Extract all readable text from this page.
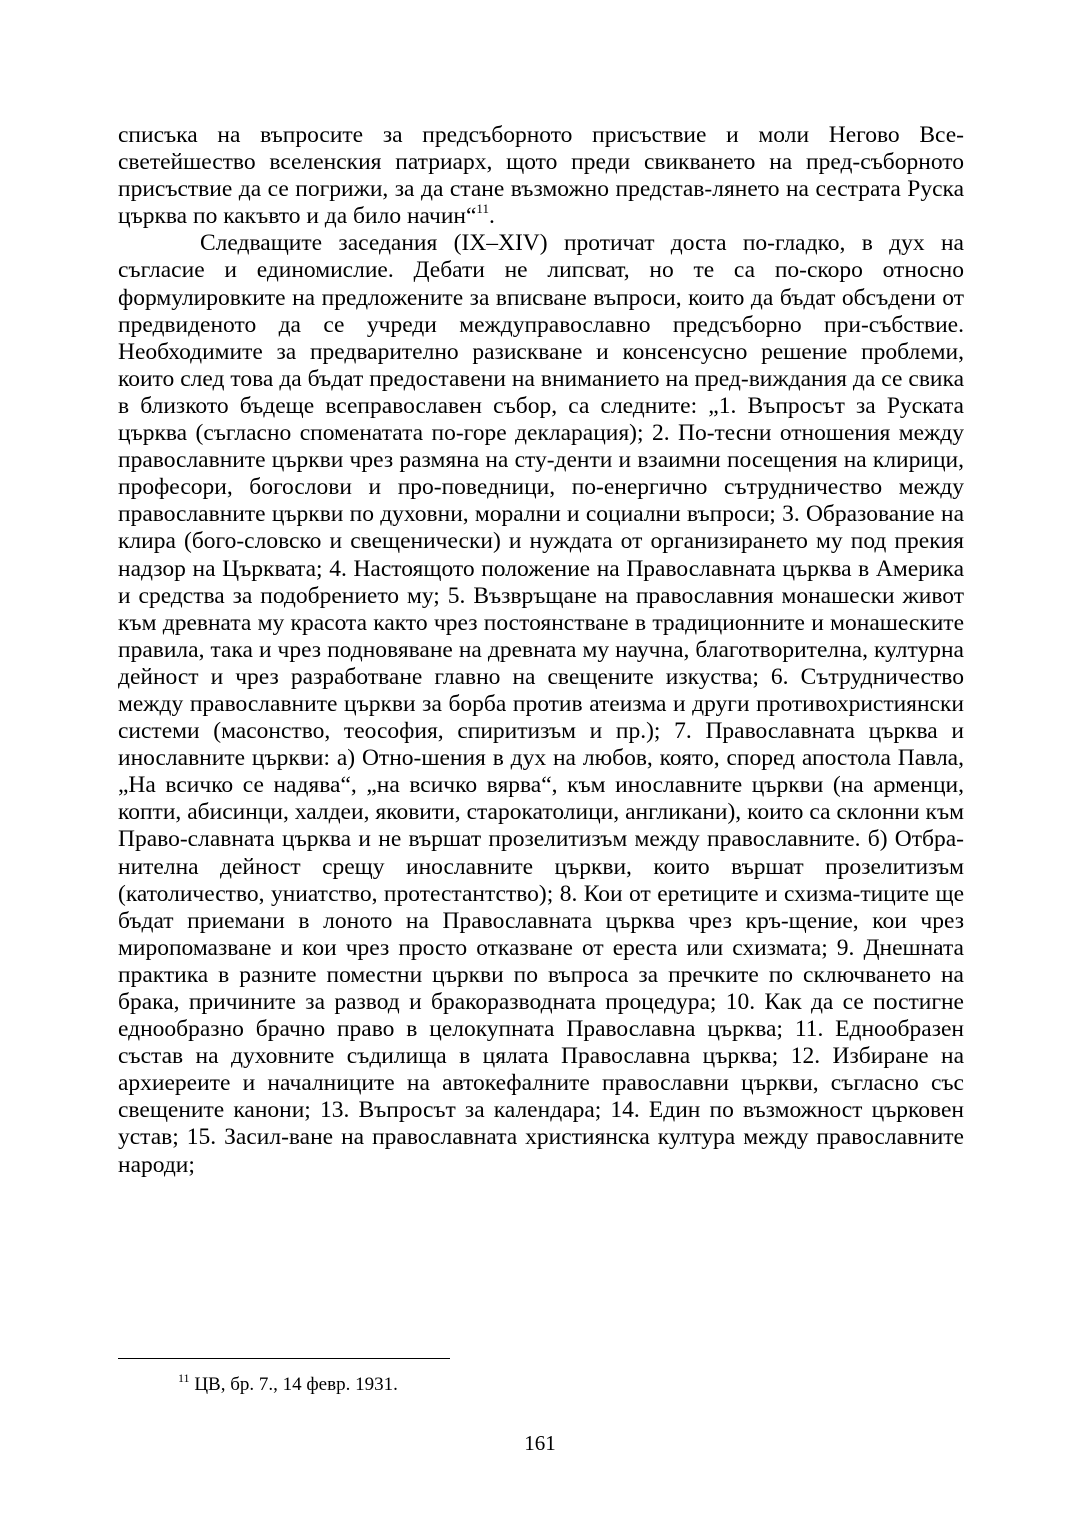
списъка на въпросите за предсъборното присъствие и моли Негово Все-светейшество вселенския патриарх, щото преди свикването на пред-съборното присъствие да се погрижи, за да стане възможно представ-лянето на сестрата Руска църква по какъвто и да било начин“$^{11}$.

Следващите заседания (IX–XIV) протичат доста по-гладко, в дух на съгласие и единомислие. Дебати не липсват, но те са по-скоро относно формулировките на предложените за вписване въпроси, които да бъдат обсъдени от предвиденото да се учреди междуправославно предсъборно при-събствие. Необходимите за предварително разискване и консенсусно решение проблеми, които след това да бъдат предоставени на вниманието на пред-виждания да се свика в близкото бъдеще всеправославен събор, са следните: „1. Въпросът за Руската църква (съгласно споменатата по-горе декларация); 2. По-тесни отношения между православните църкви чрез размяна на сту-денти и взаимни посещения на клирици, професори, богослови и про-поведници, по-енергично сътрудничество между православните църкви по духовни, морални и социални въпроси; 3. Образование на клира (бого-словско и свещенически) и нуждата от организирането му под прекия надзор на Църквата; 4. Настоящото положение на Православната църква в Америка и средства за подобрението му; 5. Възвръщане на православния монашески живот към древната му красота както чрез постоянстване в традиционните и монашеските правила, така и чрез подновяване на древната му научна, благотворителна, културна дейност и чрез разработване главно на свещените изкуства; 6. Сътрудничество между православните църкви за борба против атеизма и други противохристиянски системи (масонство, теософия, спиритизъм и пр.); 7. Православната църква и инославните църкви: а) Отно-шения в дух на любов, която, според апостола Павла, „На всичко се надява“, „на всичко вярва“, към инославните църкви (на арменци, копти, абисинци, халдеи, яковити, старокатолици, англикани), които са склонни към Право-славната църква и не вършат прозелитизъм между православните. б) Отбра-нителна дейност срещу инославните църкви, които вършат прозелитизъм (католичество, униатство, протестантство); 8. Кои от еретиците и схизма-тиците ще бъдат приемани в лоното на Православната църква чрез кръ-щение, кои чрез миропомазване и кои чрез просто отказване от ереста или схизмата; 9. Днешната практика в разните поместни църкви по въпроса за пречките по сключването на брака, причините за развод и бракоразводната процедура; 10. Как да се постигне еднообразно брачно право в целокупната Православна църква; 11. Еднообразен състав на духовните съдилища в цялата Православна църква; 12. Избиране на архиереите и началниците на автокефалните православни църкви, съгласно със свещените канони; 13. Въпросът за календара; 14. Един по възможност църковен устав; 15. Засил-ване на православната християнска култура между православните народи;

$^{11}$ ЦВ, бр. 7., 14 февр. 1931.
161
